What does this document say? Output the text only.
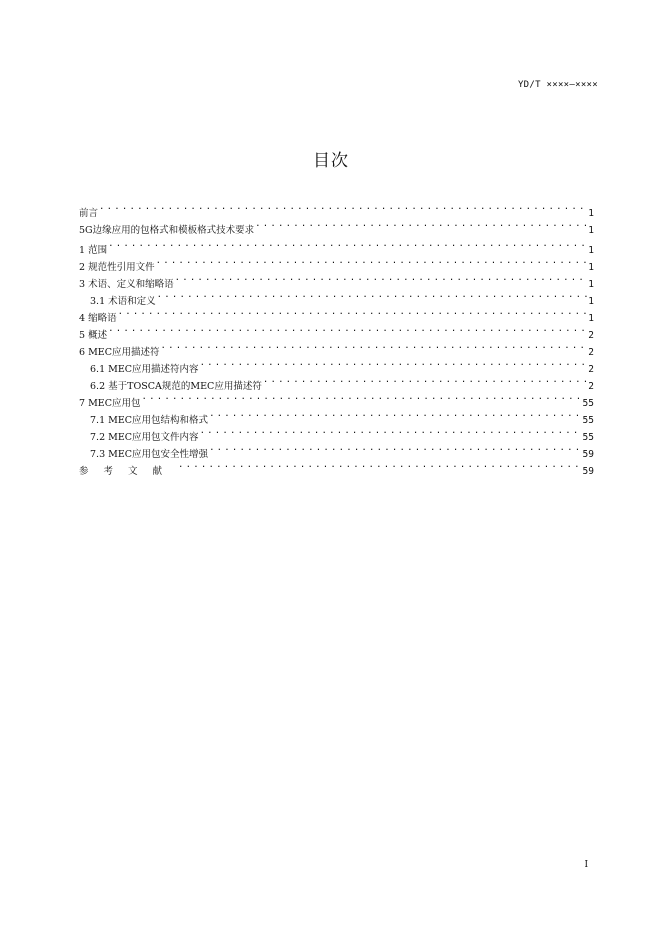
YD/T ××××—××××
目次
前言 .....	1
5G边缘应用的包格式和模板格式技术要求 .....	1
1 范围 .....	1
2 规范性引用文件 .....	1
3 术语、定义和缩略语 .....	1
3.1 术语和定义 .....	1
4 缩略语 .....	1
5 概述 .....	2
6 MEC应用描述符 .....	2
6.1 MEC应用描述符内容 .....	2
6.2 基于TOSCA规范的MEC应用描述符 .....	2
7 MEC应用包 .....	55
7.1 MEC应用包结构和格式 .....	55
7.2 MEC应用包文件内容 .....	55
7.3 MEC应用包安全性增强 .....	59
参考文献 .....	59
I
